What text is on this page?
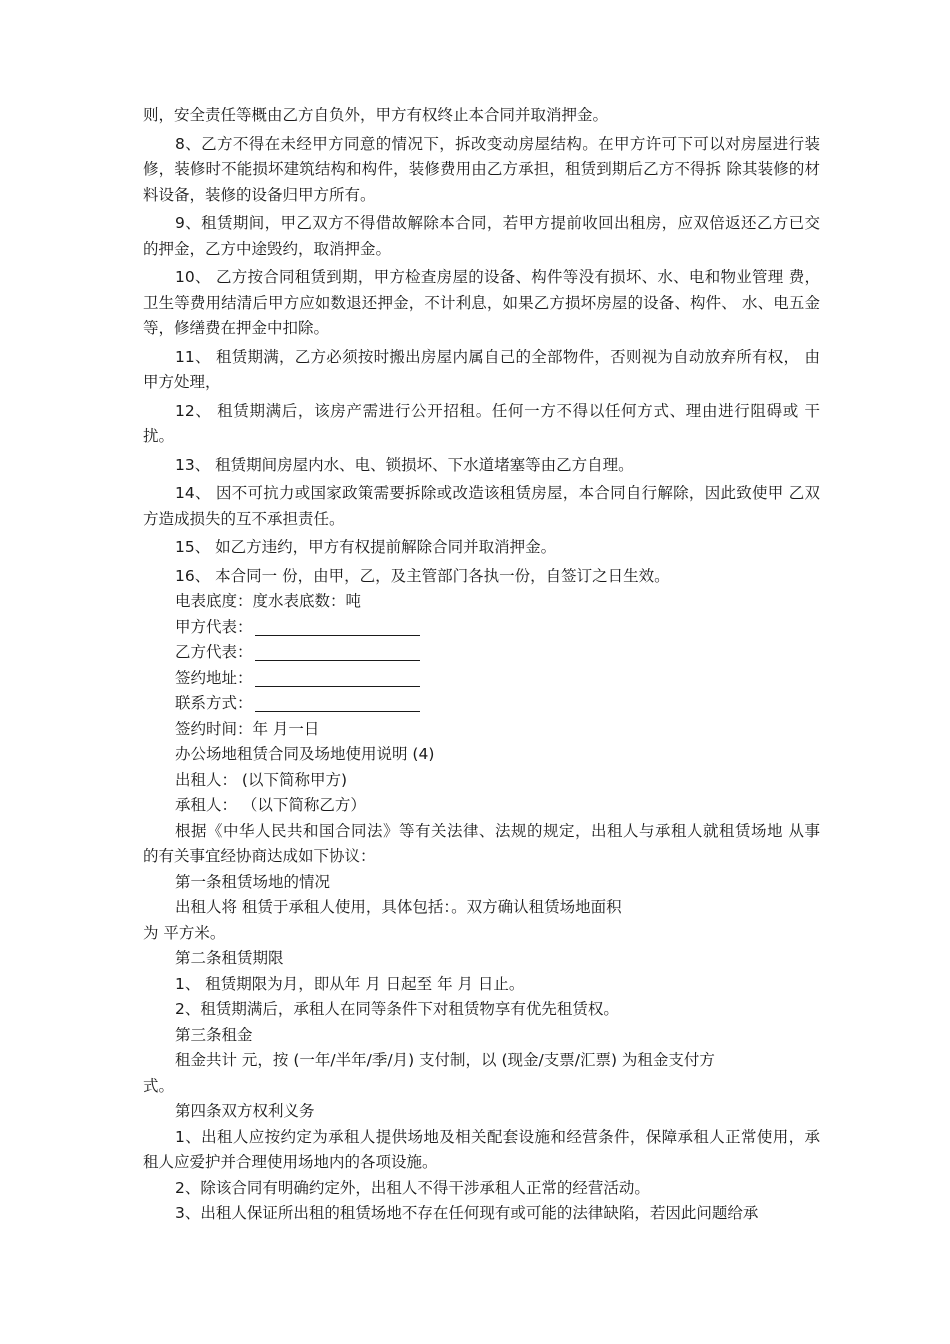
则，安全责任等概由乙方自负外，甲方有权终止本合同并取消押金。

8、乙方不得在未经甲方同意的情况下，拆改变动房屋结构。在甲方许可下可以对房屋进行装修，装修时不能损坏建筑结构和构件，装修费用由乙方承担，租赁到期后乙方不得拆 除其装修的材料设备，装修的设备归甲方所有。

9、租赁期间，甲乙双方不得借故解除本合同，若甲方提前收回出租房，应双倍返还乙方已交的押金，乙方中途毁约，取消押金。

10、 乙方按合同租赁到期，甲方检查房屋的设备、构件等没有损坏、水、电和物业管理 费，卫生等费用结清后甲方应如数退还押金，不计利息，如果乙方损坏房屋的设备、构件、 水、电五金等，修缮费在押金中扣除。

11、 租赁期满，乙方必须按时搬出房屋内属自己的全部物件，否则视为自动放弃所有权， 由甲方处理，

12、 租赁期满后，该房产需进行公开招租。任何一方不得以任何方式、理由进行阻碍或 干扰。

13、 租赁期间房屋内水、电、锁损坏、下水道堵塞等由乙方自理。

14、 因不可抗力或国家政策需要拆除或改造该租赁房屋，本合同自行解除，因此致使甲 乙双方造成损失的互不承担责任。

15、 如乙方违约，甲方有权提前解除合同并取消押金。

16、 本合同一 份，由甲，乙，及主管部门各执一份，自签订之日生效。

电表底度：度水表底数：吨

甲方代表：

乙方代表：

签约地址：

联系方式：

签约时间：年 月一日

办公场地租赁合同及场地使用说明 (4)

出租人： (以下简称甲方)

承租人： （以下简称乙方）

根据《中华人民共和国合同法》等有关法律、法规的规定，出租人与承租人就租赁场地 从事 的有关事宜经协商达成如下协议：

第一条租赁场地的情况

出租人将 租赁于承租人使用，具体包括：。双方确认租赁场地面积

为 平方米。

第二条租赁期限

1、 租赁期限为月，即从年 月 日起至 年 月 日止。

2、租赁期满后，承租人在同等条件下对租赁物享有优先租赁权。

第三条租金

租金共计 元，按 (一年/半年/季/月) 支付制，以 (现金/支票/汇票) 为租金支付方

式。

第四条双方权利义务

1、出租人应按约定为承租人提供场地及相关配套设施和经营条件，保障承租人正常使用，承租人应爱护并合理使用场地内的各项设施。

2、除该合同有明确约定外，出租人不得干涉承租人正常的经营活动。

3、出租人保证所出租的租赁场地不存在任何现有或可能的法律缺陷，若因此问题给承
